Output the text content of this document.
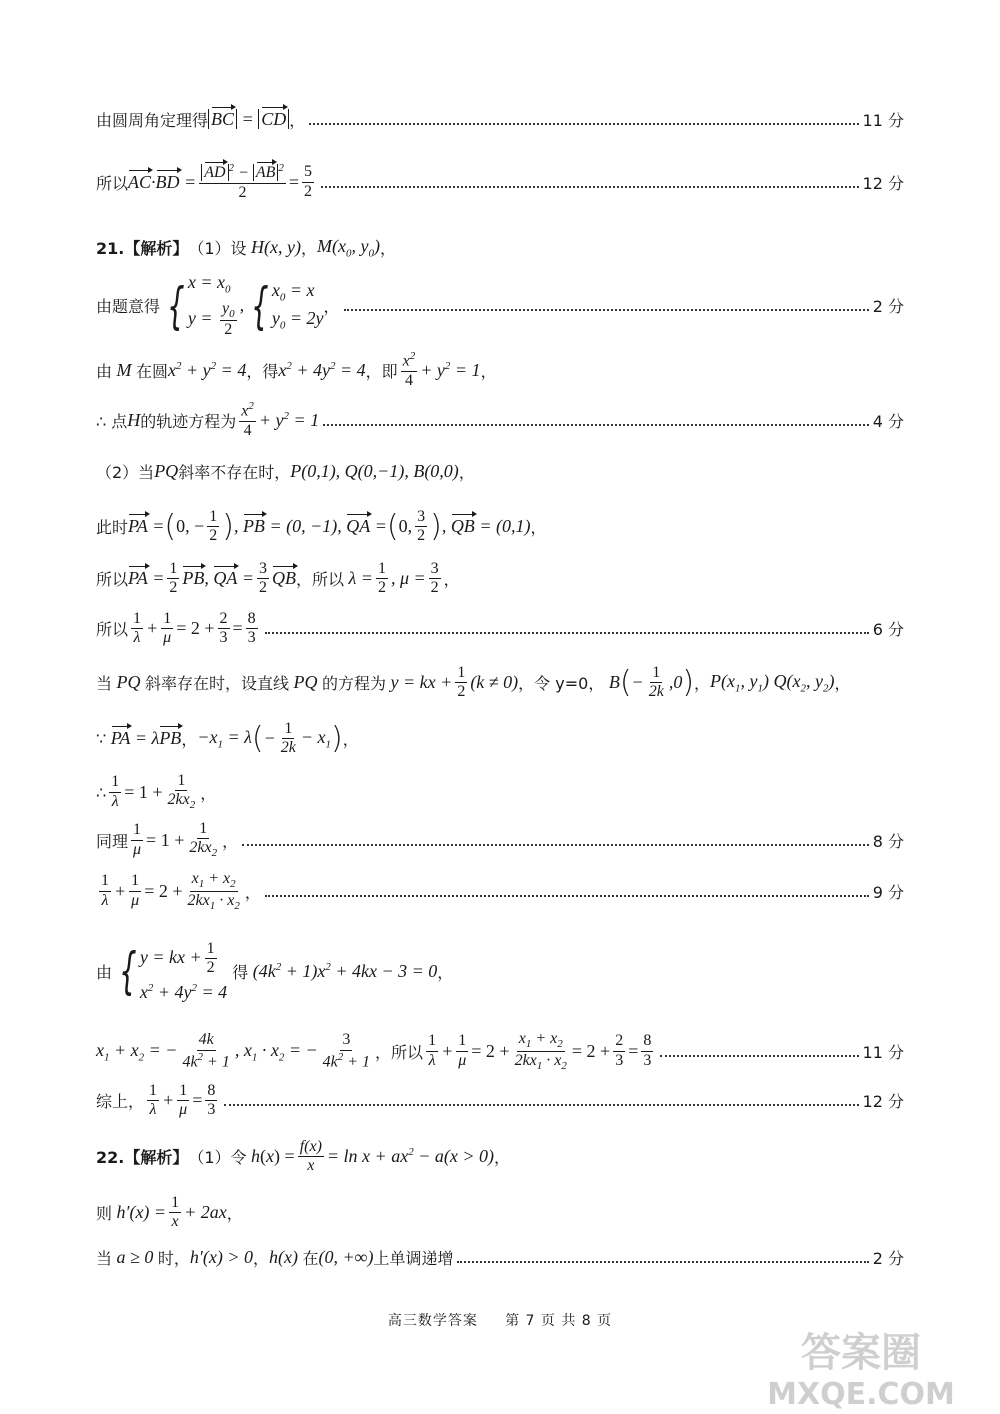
由圆周角定理得 BC = CD ，	11 分
所以 $AC\cdot BD = \frac{AD ^2 - AB ^2}{2} = \frac{5}{2}$	12 分
21.【解析】 （1）设 H(x, y) ， $M(x_0$, $y_0$) ，
由题意得 { $x = x_0$
$y = \frac{y_0}{2}$ , { $x_0 = x$
$y_0 = 2y$
，	2 分
由 M 在圆 $x^2 + y^2 = 4$ ，得 $x^2 + 4y^2 = 4$ ，即 $\frac{x^2}{4} + y^2 = 1$ ，
∴ 点 H 的轨迹方程为 $\frac{x^2}{4} + y^2 = 1$	4 分
（2）当 PQ 斜率不存在时， P(0,1), Q(0,−1), B(0,0) ，
此时 PA = ( 0, − $\frac{1}{2}$ ) , PB = (0, −1), QA = ( 0, $\frac{3}{2}$ ) , QB = (0,1) ，
所以 PA = $\frac{1}{2}$ PB, QA = $\frac{3}{2}$ QB ，所以 $\lambda = \frac{1}{2}$ , $\mu = \frac{3}{2}$ ，
所以 $\frac{1}{\lambda} + \frac{1}{\mu} = 2 + \frac{2}{3} = \frac{8}{3}$	6 分
当 PQ 斜率存在时，设直线 PQ 的方程为 y = kx + $\frac{1}{2} (k \ne 0)$ ，令 y=0， B ( − $\frac{1}{2k} ,0$ ) ， $P(x_1$, $y_1$) $Q(x_2$, $y_2$) ，
∵ PA = λPB ， $-x_1 = \lambda$ ( − $\frac{1}{2k} - x_1$ ) ，
∴ $\frac{1}{\lambda} = 1 + \frac{1}{2kx_2}$ ，
同理 $\frac{1}{\mu} = 1 + \frac{1}{2kx_2}$ ，	8 分
$\frac{1}{\lambda} + \frac{1}{\mu} = 2 + \frac{x_1 + x_2}{2kx_1 \cdot x_2}$ ，	9 分
由 { y = kx + $\frac{1}{2}$
$x^2 + 4y^2 = 4$

得 $(4k^2 + 1)x^2 + 4kx - 3 = 0$ ，
$x_1 + x_2$ = − $\frac{4k}{4k^2 + 1}$ , $x_1 \cdot x_2$ = − $\frac{3}{4k^2 + 1}$ ，所以 $\frac{1}{\lambda} + \frac{1}{\mu} = 2 + \frac{x_1 + x_2}{2kx_1 \cdot x_2} = 2 + \frac{2}{3} = \frac{8}{3}$	11 分
综上， $\frac{1}{\lambda} + \frac{1}{\mu} = \frac{8}{3}$	12 分
22.【解析】 （1）令 h ( x ) = $\frac{f(x)}{x} = \ln x + ax^2 - a(x > 0)$ ，
则 $h'(x) = \frac{1}{x} + 2ax$ ，
当 a ≥ 0 时， h′(x) > 0 ， h(x) 在 (0, +∞) 上单调递增	2 分
高三数学答案 第 7 页 共 8 页
答案圈
MXQE.COM
